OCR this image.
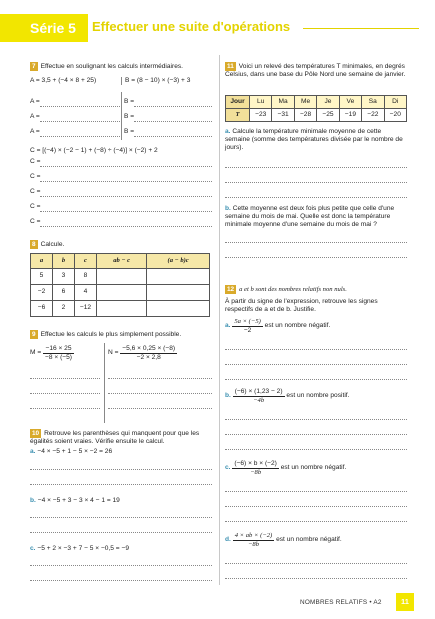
Série 5 Effectuer une suite d'opérations
7 Effectue en soulignant les calculs intermédiaires.
A = 3,5 + (−4 × 8 + 25)	B = (8 − 10) × (−3) + 3
A =
A =
A =
B =
B =
B =
C = [(−4) × (−2 − 1) + (−8) ÷ (−4)] × (−2) + 2
C =
C =
C =
C =
C =
8 Calcule.
a	b	c	ab − c	(a − b)c
5	3	8		
−2	6	4		
−6	2	−12		
9 Effectue les calculs le plus simplement possible.
$M = \frac{-16 \times 25}{-8 \times (-5)}$	$N = \frac{-5,6 \times 0,25 \times (-8)}{-2 \times 2,8}$
10 Retrouve les parenthèses qui manquent pour que les égalités soient vraies. Vérifie ensuite le calcul.
a. −4 × −5 + 1 − 5 × −2 = 26
b. −4 × −5 + 3 − 3 × 4 − 1 = 19
c. −5 + 2 × −3 + 7 − 5 × −0,5 = −9
11 Voici un relevé des températures T minimales, en degrés Celsius, dans une base du Pôle Nord une semaine de janvier.
Jour	Lu	Ma	Me	Je	Ve	Sa	Di
T	−23	−31	−28	−25	−19	−22	−20
a. Calcule la température minimale moyenne de cette semaine (somme des températures divisée par le nombre de jours).
b. Cette moyenne est deux fois plus petite que celle d'une semaine du mois de mai. Quelle est donc la température minimale moyenne d'une semaine du mois de mai ?
12 a et b sont des nombres relatifs non nuls.
À partir du signe de l'expression, retrouve les signes respectifs de a et de b. Justifie.
a. $\frac{5a \times (-5)}{-2}$ est un nombre négatif.
b. $\frac{(-6) \times (1,23 - 2)}{-4b}$ est un nombre positif.
c. $\frac{(-6) \times b \times (-2)}{-8b}$ est un nombre négatif.
d. $\frac{4 \times ab \times (-2)}{-8b}$ est un nombre négatif.
NOMBRES RELATIFS • A2	11
